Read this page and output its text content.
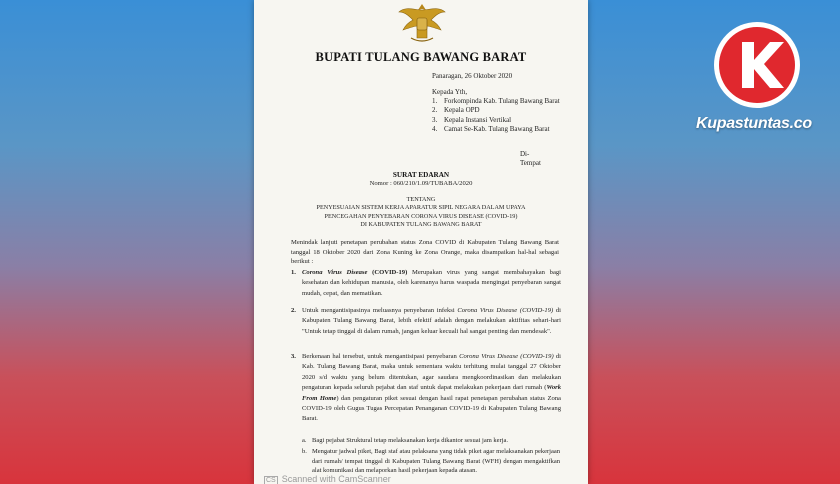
BUPATI TULANG BAWANG BARAT
Panaragan, 26 Oktober 2020
Kepada Yth,
1. Forkompinda Kab. Tulang Bawang Barat
2. Kepala OPD
3. Kepala Instansi Vertikal
4. Camat Se-Kab. Tulang Bawang Barat
Di-
Tempat
SURAT EDARAN
Nomor : 060/210/1.09/TUBABA/2020
TENTANG
PENYESUAIAN SISTEM KERJA APARATUR SIPIL NEGARA DALAM UPAYA
PENCEGAHAN PENYEBARAN CORONA VIRUS DISEASE (COVID-19)
DI KABUPATEN TULANG BAWANG BARAT
Menindak lanjuti penetapan perubahan status Zona COVID di Kabupaten Tulang Bawang Barat tanggal 18 Oktober 2020 dari Zona Kuning ke Zona Orange, maka disampaikan hal-hal sebagai berikut :
1. Corona Virus Disease (COVID-19) Merupakan virus yang sangat membahayakan bagi kesehatan dan kehidupan manusia, oleh karenanya harus waspada mengingat penyebaran sangat mudah, cepat, dan mematikan.
2. Untuk mengantisipasinya meluasnya penyebaran infeksi Corona Virus Disease (COVID-19) di Kabupaten Tulang Bawang Barat, lebih efektif adalah dengan melakukan aktifitas sehari-hari "Untuk tetap tinggal di dalam rumah, jangan keluar kecuali hal sangat penting dan mendesak".
3. Berkenaan hal tersebut, untuk mengantisipasi penyebaran Corona Virus Disease (COVID-19) di Kab. Tulang Bawang Barat, maka untuk sementara waktu terhitung mulai tanggal 27 Oktober 2020 s/d waktu yang belum ditentukan, agar saudara mengkoordinasikan dan melakukan pengaturan kepada seluruh pejabat dan staf untuk dapat melakukan pekerjaan dari rumah (Work From Home) dan pengaturan piket sesuai dengan hasil rapat penetapan perubahan status Zona COVID-19 oleh Gugus Tugas Percepatan Penanganan COVID-19 di Kabupaten Tulang Bawang Barat.
a. Bagi pejabat Struktural tetap melaksanakan kerja dikantor sesuai jam kerja.
b. Mengatur jadwal piket, Bagi staf atau pelaksana yang tidak piket agar melaksanakan pekerjaan dari rumah/ tempat tinggal di Kabupaten Tulang Bawang Barat (WFH) dengan mengaktifkan alat komunikasi dan melaporkan hasil pekerjaan kepada atasan.
CS Scanned with CamScanner
Kupastuntas.co
